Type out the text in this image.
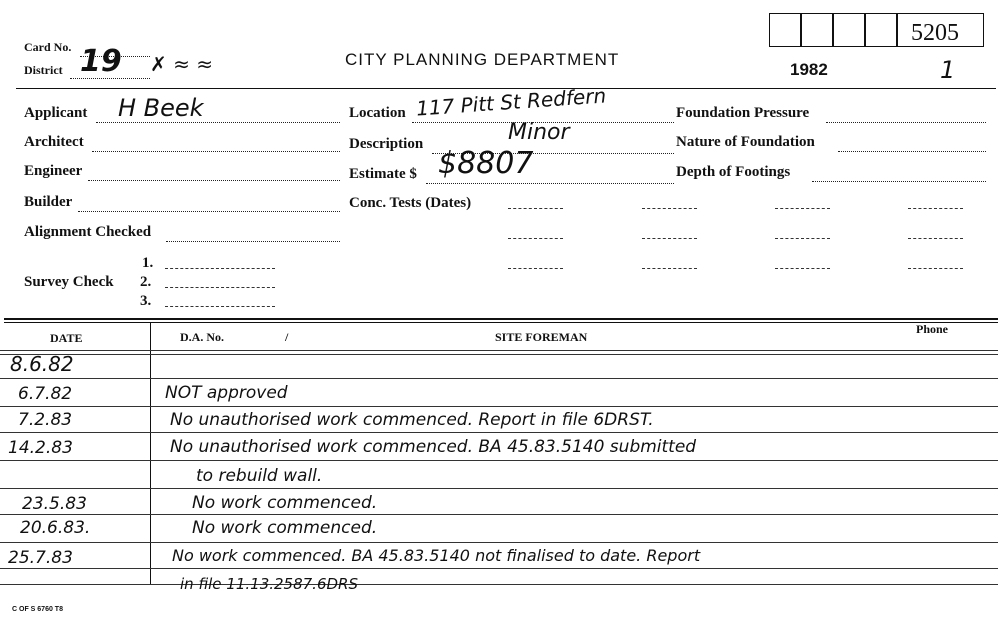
5205
Card No.
District 19 ✗ ≈ ≈	CITY PLANNING DEPARTMENT
1982	1
Applicant H Beek
Architect
Engineer
Builder
Alignment Checked
Survey Check
1.
2.
3.
Location 117 Pitt St Redfern
Description	Minor
Estimate $ $8807
Conc. Tests (Dates)
Foundation Pressure
Nature of Foundation
Depth of Footings
DATE	D.A. No.	/	SITE FOREMAN
Phone
8.6.82
6.7.82	NOT approved
7.2.83	No unauthorised work commenced. Report in file 6DRST.
14.2.83	No unauthorised work commenced. BA 45.83.5140 submitted
to rebuild wall.
23.5.83	No work commenced.
20.6.83.	No work commenced.
25.7.83	No work commenced. BA 45.83.5140 not finalised to date. Report
in file 11.13.2587.6DRS
C OF S 6760 T8
